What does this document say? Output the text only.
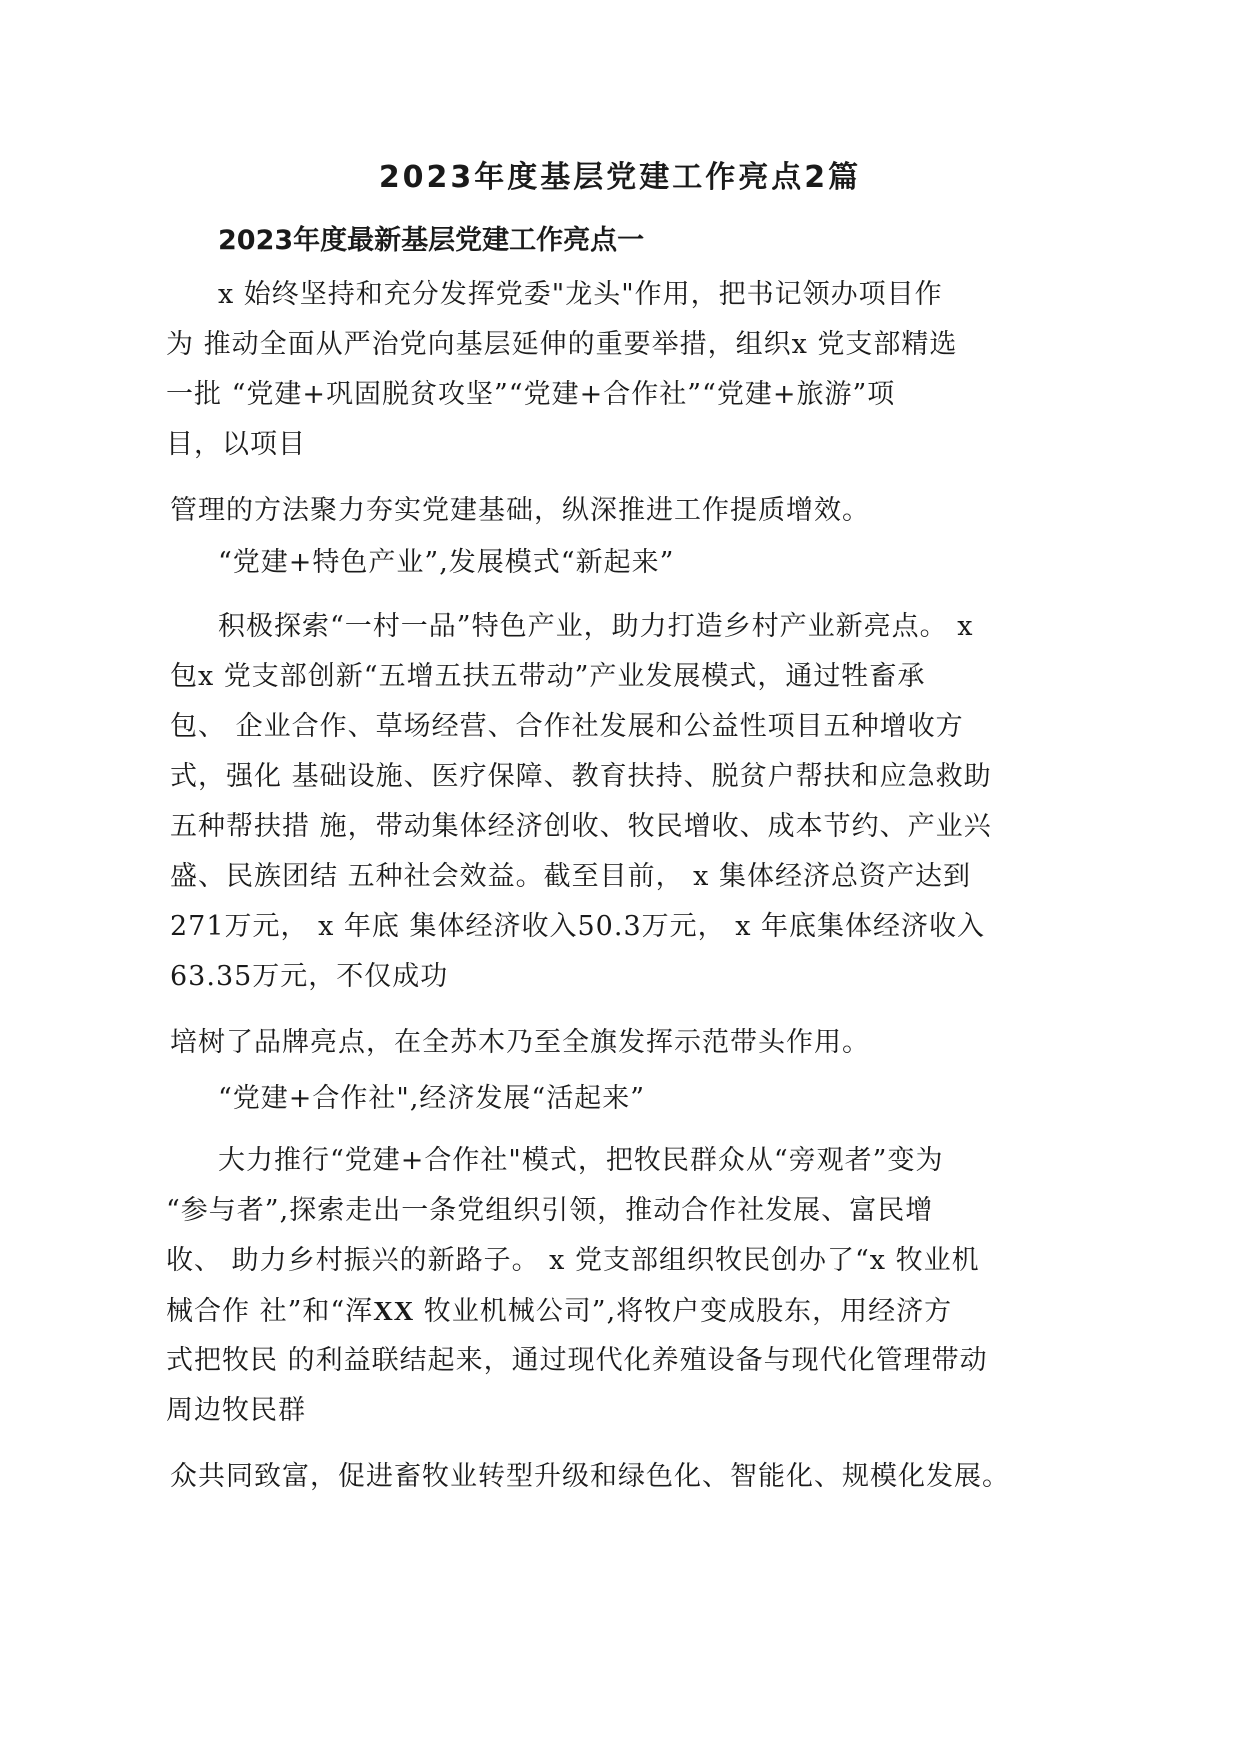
2023年度基层党建工作亮点2篇
2023年度最新基层党建工作亮点一
x 始终坚持和充分发挥党委"龙头"作用，把书记领办项目作
为 推动全面从严治党向基层延伸的重要举措，组织x 党支部精选
一批 “党建+巩固脱贫攻坚”“党建+合作社”“党建+旅游”项
目，以项目
管理的方法聚力夯实党建基础，纵深推进工作提质增效。
“党建+特色产业”,发展模式“新起来”
积极探索“一村一品”特色产业，助力打造乡村产业新亮点。 x
包x 党支部创新“五增五扶五带动”产业发展模式，通过牲畜承
包、 企业合作、草场经营、合作社发展和公益性项目五种增收方
式，强化 基础设施、医疗保障、教育扶持、脱贫户帮扶和应急救助
五种帮扶措 施，带动集体经济创收、牧民增收、成本节约、产业兴
盛、民族团结 五种社会效益。截至目前， x 集体经济总资产达到
271万元， x 年底 集体经济收入50.3万元， x 年底集体经济收入
63.35万元，不仅成功
培树了品牌亮点，在全苏木乃至全旗发挥示范带头作用。
“党建+合作社",经济发展“活起来”
大力推行“党建+合作社"模式，把牧民群众从“旁观者”变为
“参与者”,探索走出一条党组织引领，推动合作社发展、富民增
收、 助力乡村振兴的新路子。 x 党支部组织牧民创办了“x 牧业机
械合作 社”和“浑XX 牧业机械公司”,将牧户变成股东，用经济方
式把牧民 的利益联结起来，通过现代化养殖设备与现代化管理带动
周边牧民群
众共同致富，促进畜牧业转型升级和绿色化、智能化、规模化发展。
